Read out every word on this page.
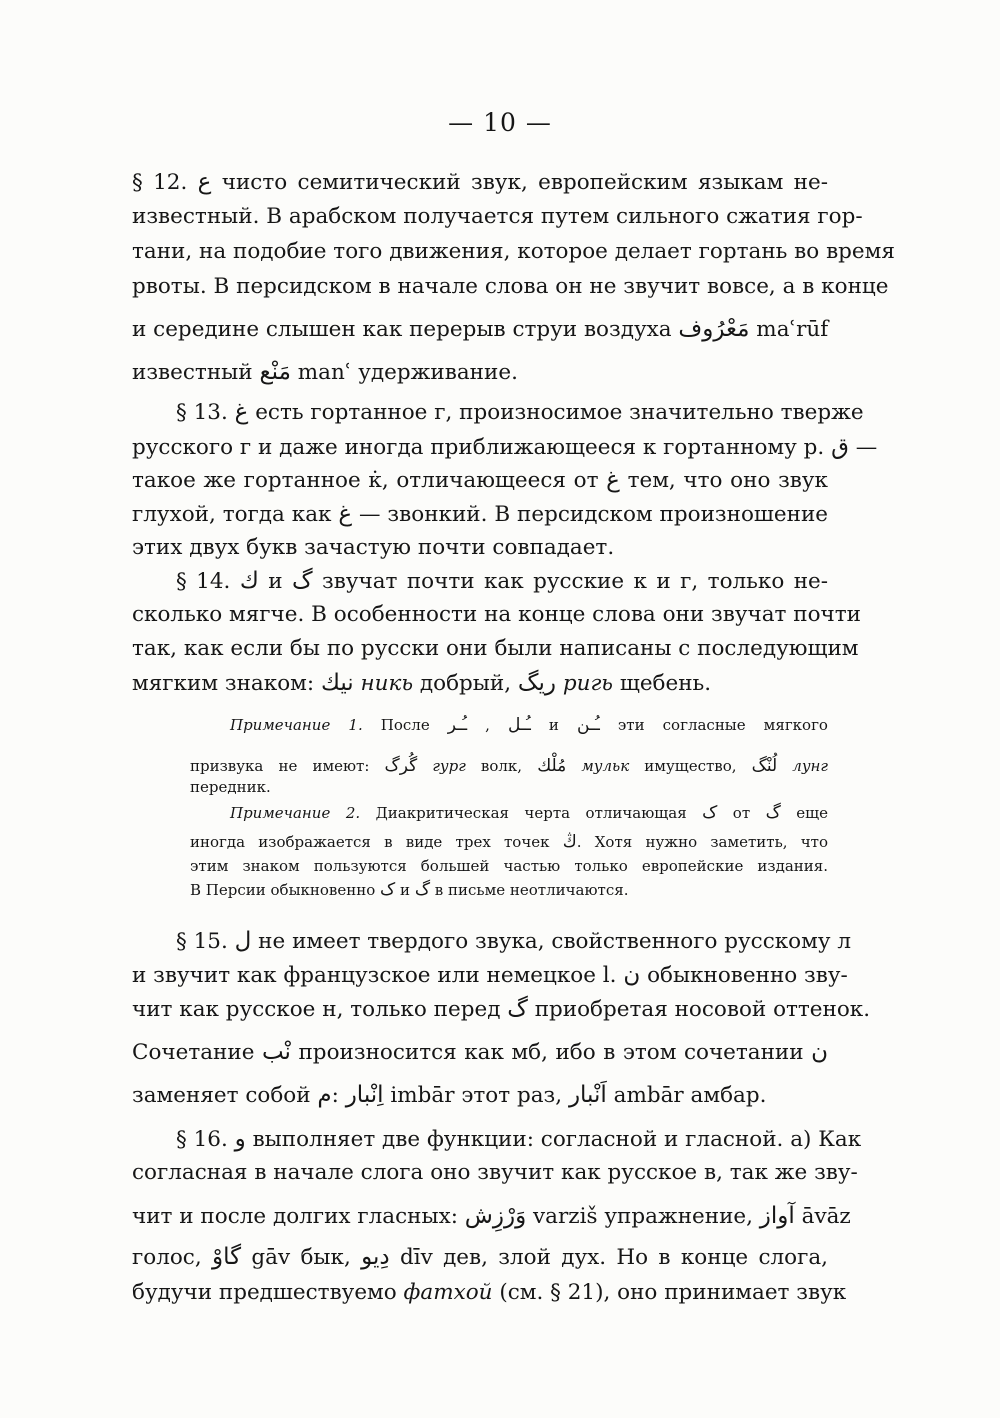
— 10 —
§ 12. ع чисто семитический звук, европейским языкам не-
известный. В арабском получается путем сильного сжатия гор-
тани, на подобие того движения, которое делает гортань во время
рвоты. В персидском в начале слова он не звучит вовсе, а в конце
и середине слышен как перерыв струи воздуха مَعْرُوف maʿrūf
известный مَنْع manʿ удерживание.
§ 13. غ есть гортанное г, произносимое значительно тверже
русского г и даже иногда приближающееся к гортанному р. ق —
такое же гортанное к̇, отличающееся от غ тем, что оно звук
глухой, тогда как غ — звонкий. В персидском произношение
этих двух букв зачастую почти совпадает.
§ 14. ك и گ звучат почти как русские к и г, только не-
сколько мягче. В особенности на конце слова они звучат почти
так, как если бы по русски они были написаны с последующим
мягким знаком: نيك никь добрый, ريگ ригь щебень.
Примечание 1. После ـُـر , ـُـل и ـُـن эти согласные мягкого
призвука не имеют: گُرگ гург волк, مُلْك мульк имущество, لُنْگ лунг
передник.
Примечание 2. Диакритическая черта отличающая ک от گ еще
иногда изображается в виде трех точек ڭ. Хотя нужно заметить, что
этим знаком пользуются большей частью только европейские издания.
В Персии обыкновенно ک и گ в письме неотличаются.
§ 15. ل не имеет твердого звука, свойственного русскому л
и звучит как французское или немецкое l. ن обыкновенно зву-
чит как русское н, только перед گ приобретая носовой оттенок.
Сочетание نْب произносится как мб, ибо в этом сочетании ن
заменяет собой م: اِنْبار imbār этот раз, اَنْبار ambār амбар.
§ 16. و выполняет две функции: согласной и гласной. а) Как
согласная в начале слога оно звучит как русское в, так же зву-
чит и после долгих гласных: وَرْزِش varziš упражнение, آواز āvāz
голос, گاوْ gāv бык, دِيو dīv дев, злой дух. Но в конце слога,
будучи предшествуемо фатхой (см. § 21), оно принимает звук
